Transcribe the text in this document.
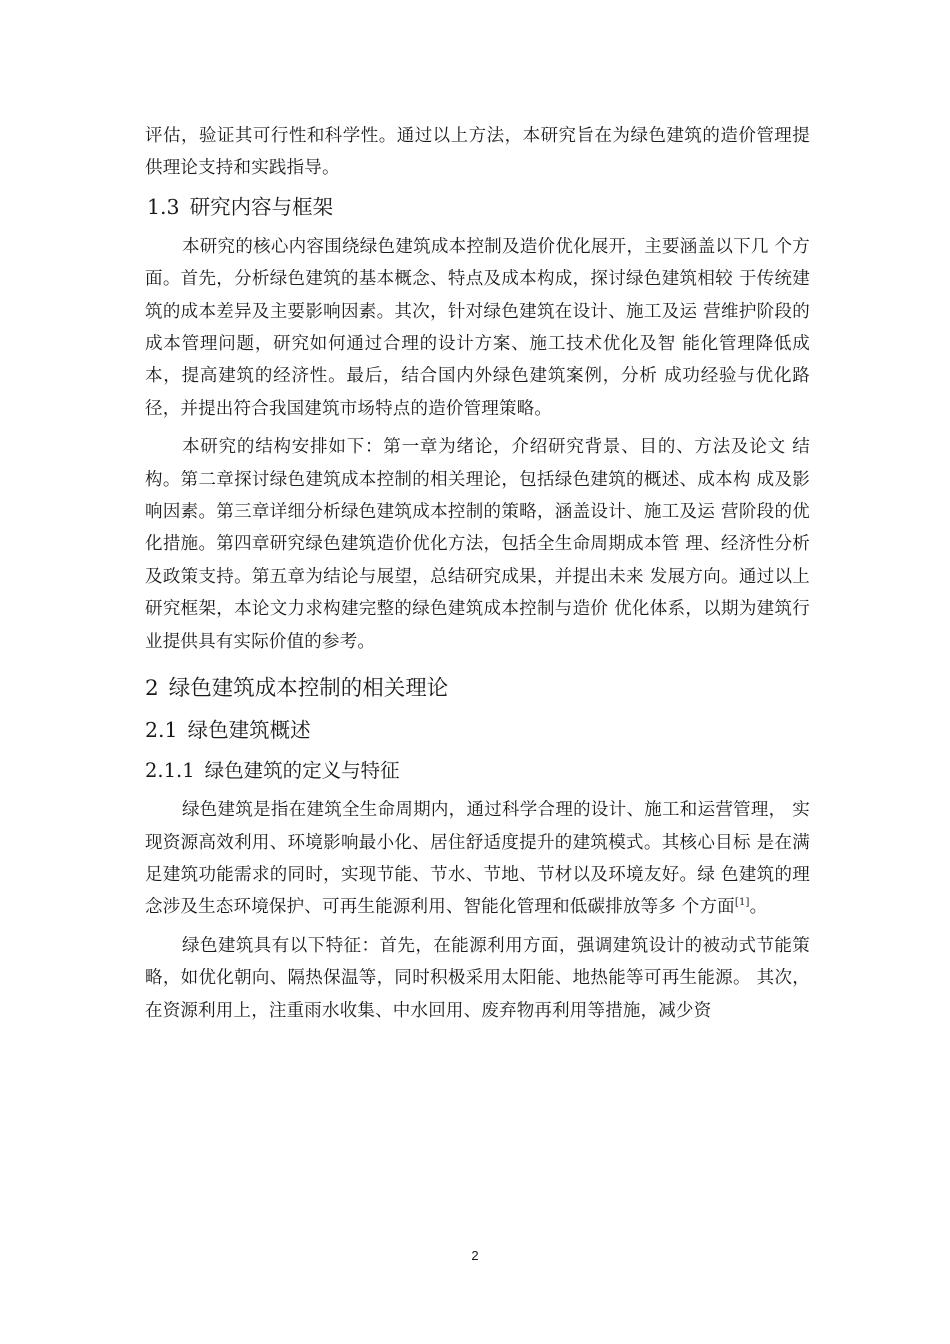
评估，验证其可行性和科学性。通过以上方法，本研究旨在为绿色建筑的造价管理提供理论支持和实践指导。

1.3 研究内容与框架

本研究的核心内容围绕绿色建筑成本控制及造价优化展开，主要涵盖以下几 个方面。首先，分析绿色建筑的基本概念、特点及成本构成，探讨绿色建筑相较 于传统建筑的成本差异及主要影响因素。其次，针对绿色建筑在设计、施工及运 营维护阶段的成本管理问题，研究如何通过合理的设计方案、施工技术优化及智 能化管理降低成本，提高建筑的经济性。最后，结合国内外绿色建筑案例，分析 成功经验与优化路径，并提出符合我国建筑市场特点的造价管理策略。

本研究的结构安排如下：第一章为绪论，介绍研究背景、目的、方法及论文 结构。第二章探讨绿色建筑成本控制的相关理论，包括绿色建筑的概述、成本构 成及影响因素。第三章详细分析绿色建筑成本控制的策略，涵盖设计、施工及运 营阶段的优化措施。第四章研究绿色建筑造价优化方法，包括全生命周期成本管 理、经济性分析及政策支持。第五章为结论与展望，总结研究成果，并提出未来 发展方向。通过以上研究框架，本论文力求构建完整的绿色建筑成本控制与造价 优化体系，以期为建筑行业提供具有实际价值的参考。

2 绿色建筑成本控制的相关理论
2.1 绿色建筑概述
2.1.1 绿色建筑的定义与特征

绿色建筑是指在建筑全生命周期内，通过科学合理的设计、施工和运营管理， 实现资源高效利用、环境影响最小化、居住舒适度提升的建筑模式。其核心目标 是在满足建筑功能需求的同时，实现节能、节水、节地、节材以及环境友好。绿 色建筑的理念涉及生态环境保护、可再生能源利用、智能化管理和低碳排放等多 个方面[1]。

绿色建筑具有以下特征：首先，在能源利用方面，强调建筑设计的被动式节能策略，如优化朝向、隔热保温等，同时积极采用太阳能、地热能等可再生能源。 其次，在资源利用上，注重雨水收集、中水回用、废弃物再利用等措施，减少资

2
